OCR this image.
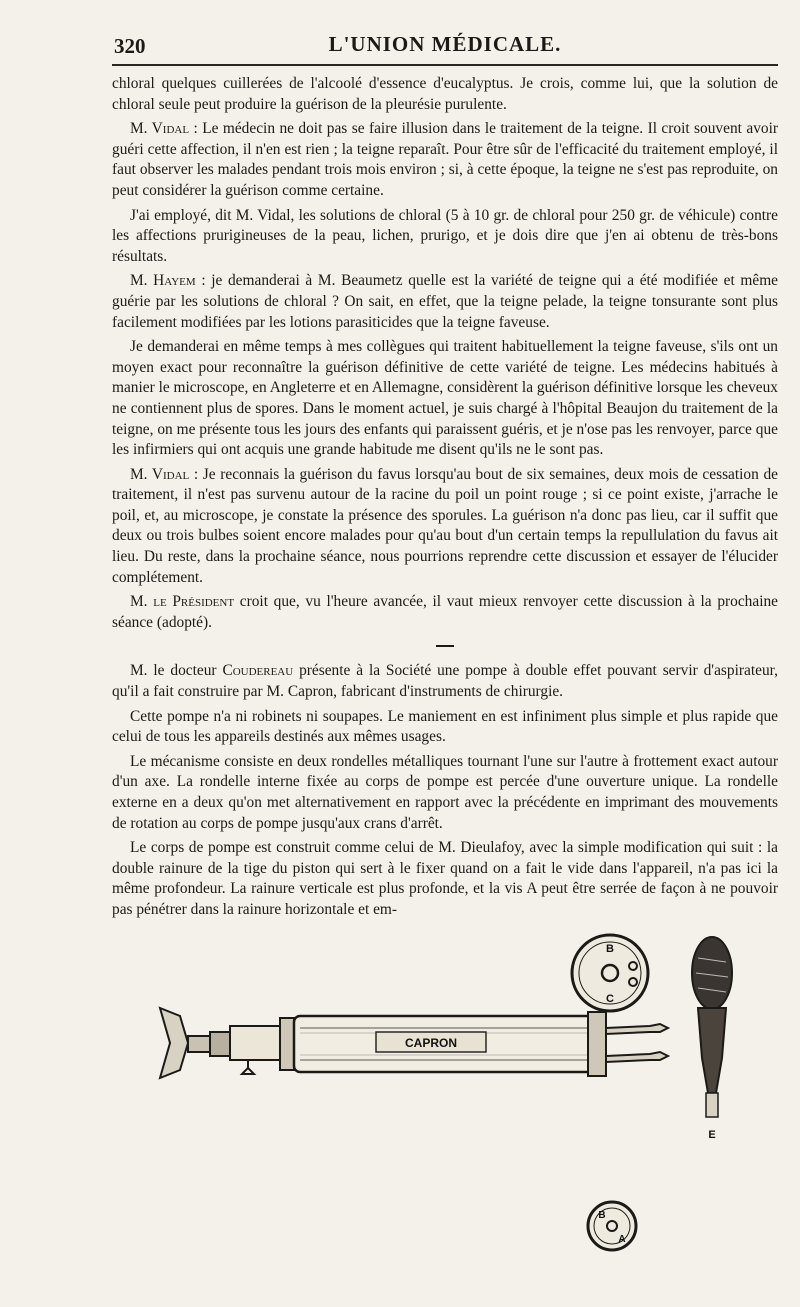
320	L'UNION MÉDICALE.

chloral quelques cuillerées de l'alcoolé d'essence d'eucalyptus. Je crois, comme lui, que la solution de chloral seule peut produire la guérison de la pleurésie purulente.

M. Vidal : Le médecin ne doit pas se faire illusion dans le traitement de la teigne. Il croit souvent avoir guéri cette affection, il n'en est rien ; la teigne reparaît. Pour être sûr de l'efficacité du traitement employé, il faut observer les malades pendant trois mois environ ; si, à cette époque, la teigne ne s'est pas reproduite, on peut considérer la guérison comme certaine.

J'ai employé, dit M. Vidal, les solutions de chloral (5 à 10 gr. de chloral pour 250 gr. de véhicule) contre les affections prurigineuses de la peau, lichen, prurigo, et je dois dire que j'en ai obtenu de très-bons résultats.

M. Hayem : je demanderai à M. Beaumetz quelle est la variété de teigne qui a été modifiée et même guérie par les solutions de chloral ? On sait, en effet, que la teigne pelade, la teigne tonsurante sont plus facilement modifiées par les lotions parasiticides que la teigne faveuse.

Je demanderai en même temps à mes collègues qui traitent habituellement la teigne faveuse, s'ils ont un moyen exact pour reconnaître la guérison définitive de cette variété de teigne. Les médecins habitués à manier le microscope, en Angleterre et en Allemagne, considèrent la guérison définitive lorsque les cheveux ne contiennent plus de spores. Dans le moment actuel, je suis chargé à l'hôpital Beaujon du traitement de la teigne, on me présente tous les jours des enfants qui paraissent guéris, et je n'ose pas les renvoyer, parce que les infirmiers qui ont acquis une grande habitude me disent qu'ils ne le sont pas.

M. Vidal : Je reconnais la guérison du favus lorsqu'au bout de six semaines, deux mois de cessation de traitement, il n'est pas survenu autour de la racine du poil un point rouge ; si ce point existe, j'arrache le poil, et, au microscope, je constate la présence des sporules. La guérison n'a donc pas lieu, car il suffit que deux ou trois bulbes soient encore malades pour qu'au bout d'un certain temps la repullulation du favus ait lieu. Du reste, dans la prochaine séance, nous pourrions reprendre cette discussion et essayer de l'élucider complétement.

M. le Président croit que, vu l'heure avancée, il vaut mieux renvoyer cette discussion à la prochaine séance (adopté).

M. le docteur Coudereau présente à la Société une pompe à double effet pouvant servir d'aspirateur, qu'il a fait construire par M. Capron, fabricant d'instruments de chirurgie.

Cette pompe n'a ni robinets ni soupapes. Le maniement en est infiniment plus simple et plus rapide que celui de tous les appareils destinés aux mêmes usages.

Le mécanisme consiste en deux rondelles métalliques tournant l'une sur l'autre à frottement exact autour d'un axe. La rondelle interne fixée au corps de pompe est percée d'une ouverture unique. La rondelle externe en a deux qu'on met alternativement en rapport avec la précédente en imprimant des mouvements de rotation au corps de pompe jusqu'aux crans d'arrêt.

Le corps de pompe est construit comme celui de M. Dieulafoy, avec la simple modification qui suit : la double rainure de la tige du piston qui sert à le fixer quand on a fait le vide dans l'appareil, n'a pas ici la même profondeur. La rainure verticale est plus profonde, et la vis A peut être serrée de façon à ne pouvoir pas pénétrer dans la rainure horizontale et em-

B
C
CAPRON
E
B
A
